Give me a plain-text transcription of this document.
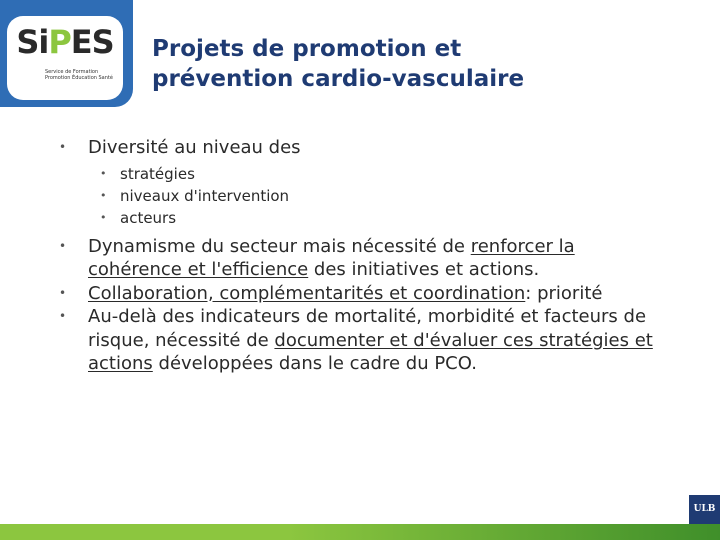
SiPES
Service de Formation
Promotion Éducation Santé
Projets de promotion et
prévention cardio-vasculaire
• Diversité au niveau des
• stratégies
• niveaux d'intervention
• acteurs
• Dynamisme du secteur mais nécessité de renforcer la cohérence et l'efficience des initiatives et actions.
• Collaboration, complémentarités et coordination: priorité
• Au-delà des indicateurs de mortalité, morbidité et facteurs de risque, nécessité de documenter et d'évaluer ces stratégies et actions développées dans le cadre du PCO.
ULB
